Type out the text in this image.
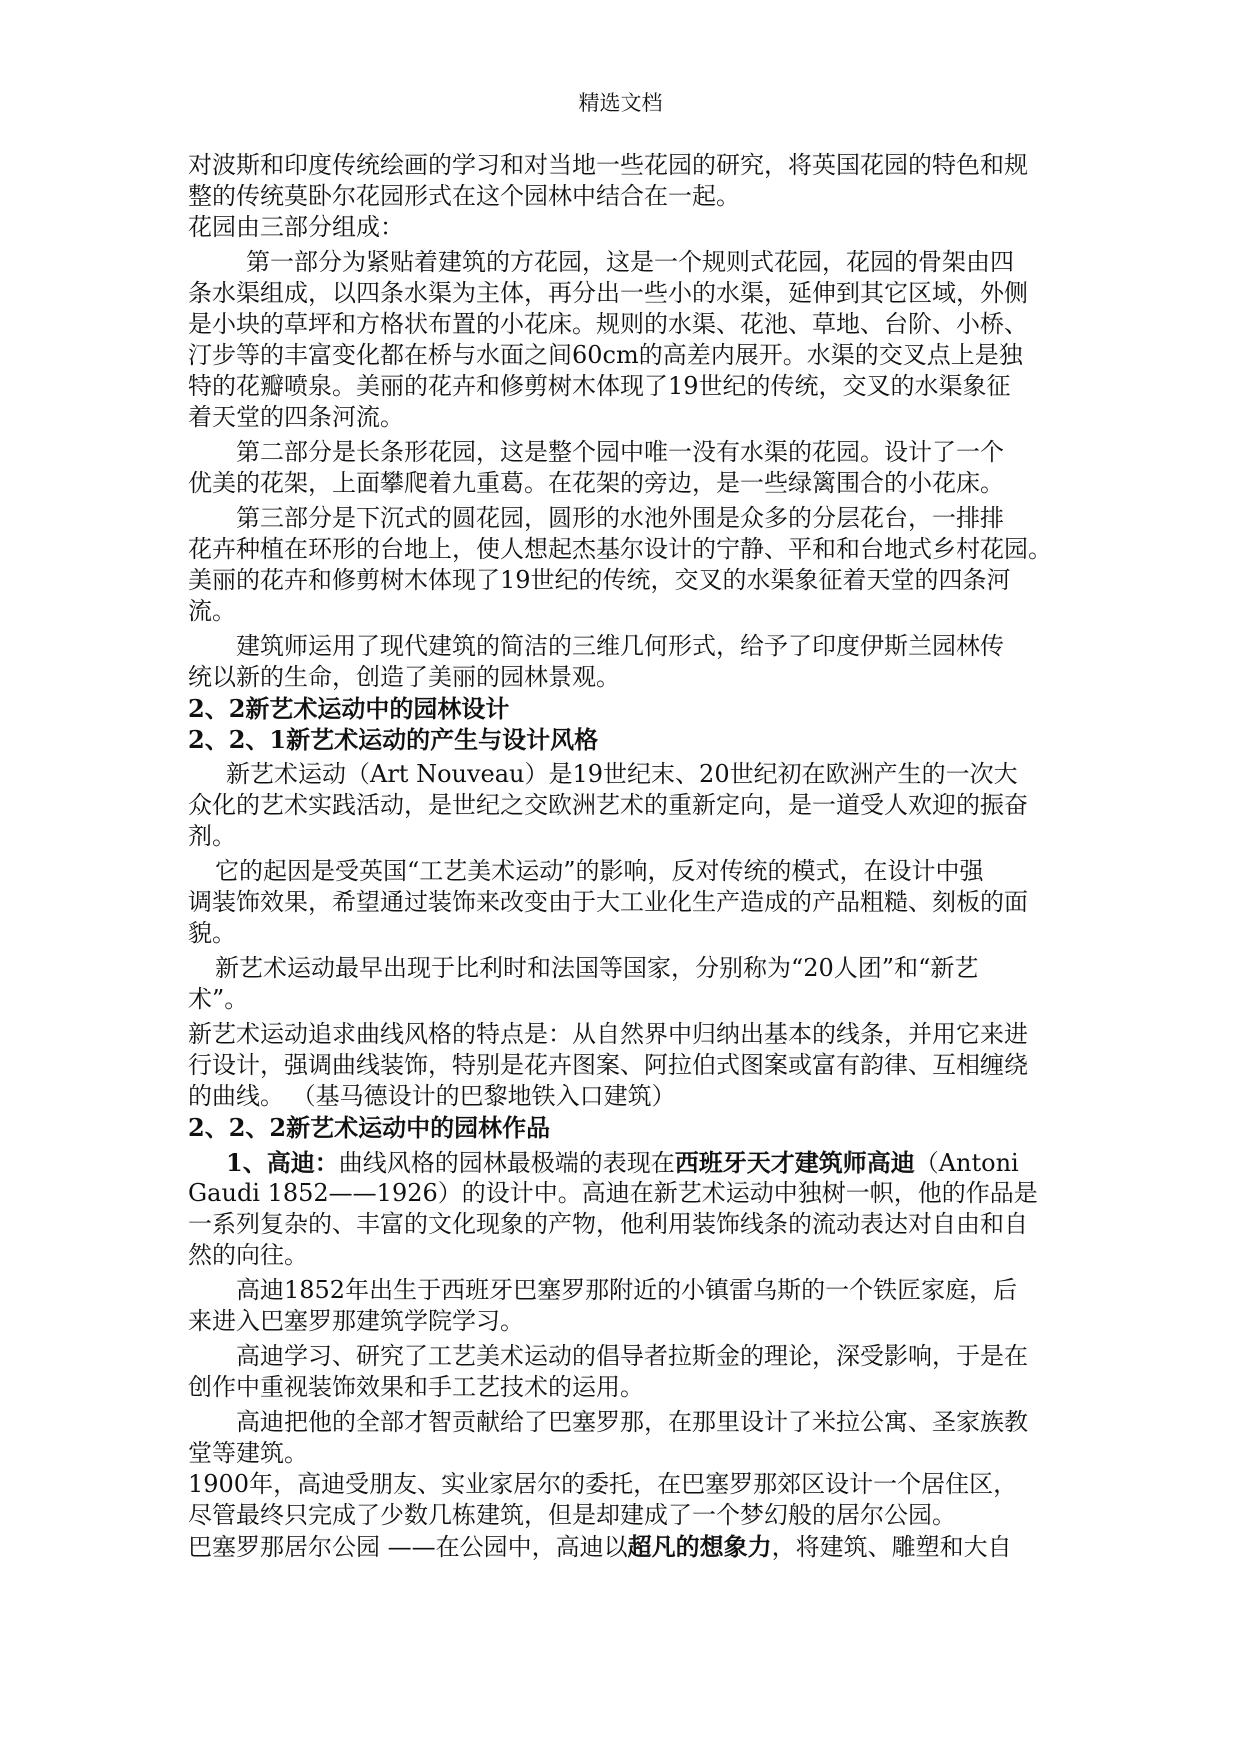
精选文档
对波斯和印度传统绘画的学习和对当地一些花园的研究，将英国花园的特色和规
整的传统莫卧尔花园形式在这个园林中结合在一起。
花园由三部分组成：
第一部分为紧贴着建筑的方花园，这是一个规则式花园，花园的骨架由四
条水渠组成，以四条水渠为主体，再分出一些小的水渠，延伸到其它区域，外侧
是小块的草坪和方格状布置的小花床。规则的水渠、花池、草地、台阶、小桥、
汀步等的丰富变化都在桥与水面之间60cm的高差内展开。水渠的交叉点上是独
特的花瓣喷泉。美丽的花卉和修剪树木体现了19世纪的传统，交叉的水渠象征
着天堂的四条河流。
第二部分是长条形花园，这是整个园中唯一没有水渠的花园。设计了一个
优美的花架，上面攀爬着九重葛。在花架的旁边，是一些绿篱围合的小花床。
第三部分是下沉式的圆花园，圆形的水池外围是众多的分层花台，一排排
花卉种植在环形的台地上，使人想起杰基尔设计的宁静、平和和台地式乡村花园。
美丽的花卉和修剪树木体现了19世纪的传统，交叉的水渠象征着天堂的四条河
流。
建筑师运用了现代建筑的简洁的三维几何形式，给予了印度伊斯兰园林传
统以新的生命，创造了美丽的园林景观。
2、2新艺术运动中的园林设计
2、2、1新艺术运动的产生与设计风格
新艺术运动（Art Nouveau）是19世纪末、20世纪初在欧洲产生的一次大
众化的艺术实践活动，是世纪之交欧洲艺术的重新定向，是一道受人欢迎的振奋
剂。
它的起因是受英国“工艺美术运动”的影响，反对传统的模式，在设计中强
调装饰效果，希望通过装饰来改变由于大工业化生产造成的产品粗糙、刻板的面
貌。
新艺术运动最早出现于比利时和法国等国家，分别称为“20人团”和“新艺
术”。
新艺术运动追求曲线风格的特点是：从自然界中归纳出基本的线条，并用它来进
行设计，强调曲线装饰，特别是花卉图案、阿拉伯式图案或富有韵律、互相缠绕
的曲线。 （基马德设计的巴黎地铁入口建筑）
2、2、2新艺术运动中的园林作品
1、高迪：曲线风格的园林最极端的表现在西班牙天才建筑师高迪（Antoni
Gaudi 1852——1926）的设计中。高迪在新艺术运动中独树一帜，他的作品是
一系列复杂的、丰富的文化现象的产物，他利用装饰线条的流动表达对自由和自
然的向往。
高迪1852年出生于西班牙巴塞罗那附近的小镇雷乌斯的一个铁匠家庭，后
来进入巴塞罗那建筑学院学习。
高迪学习、研究了工艺美术运动的倡导者拉斯金的理论，深受影响，于是在
创作中重视装饰效果和手工艺技术的运用。
高迪把他的全部才智贡献给了巴塞罗那，在那里设计了米拉公寓、圣家族教
堂等建筑。
1900年，高迪受朋友、实业家居尔的委托，在巴塞罗那郊区设计一个居住区，
尽管最终只完成了少数几栋建筑，但是却建成了一个梦幻般的居尔公园。
巴塞罗那居尔公园 ——在公园中，高迪以超凡的想象力，将建筑、雕塑和大自
